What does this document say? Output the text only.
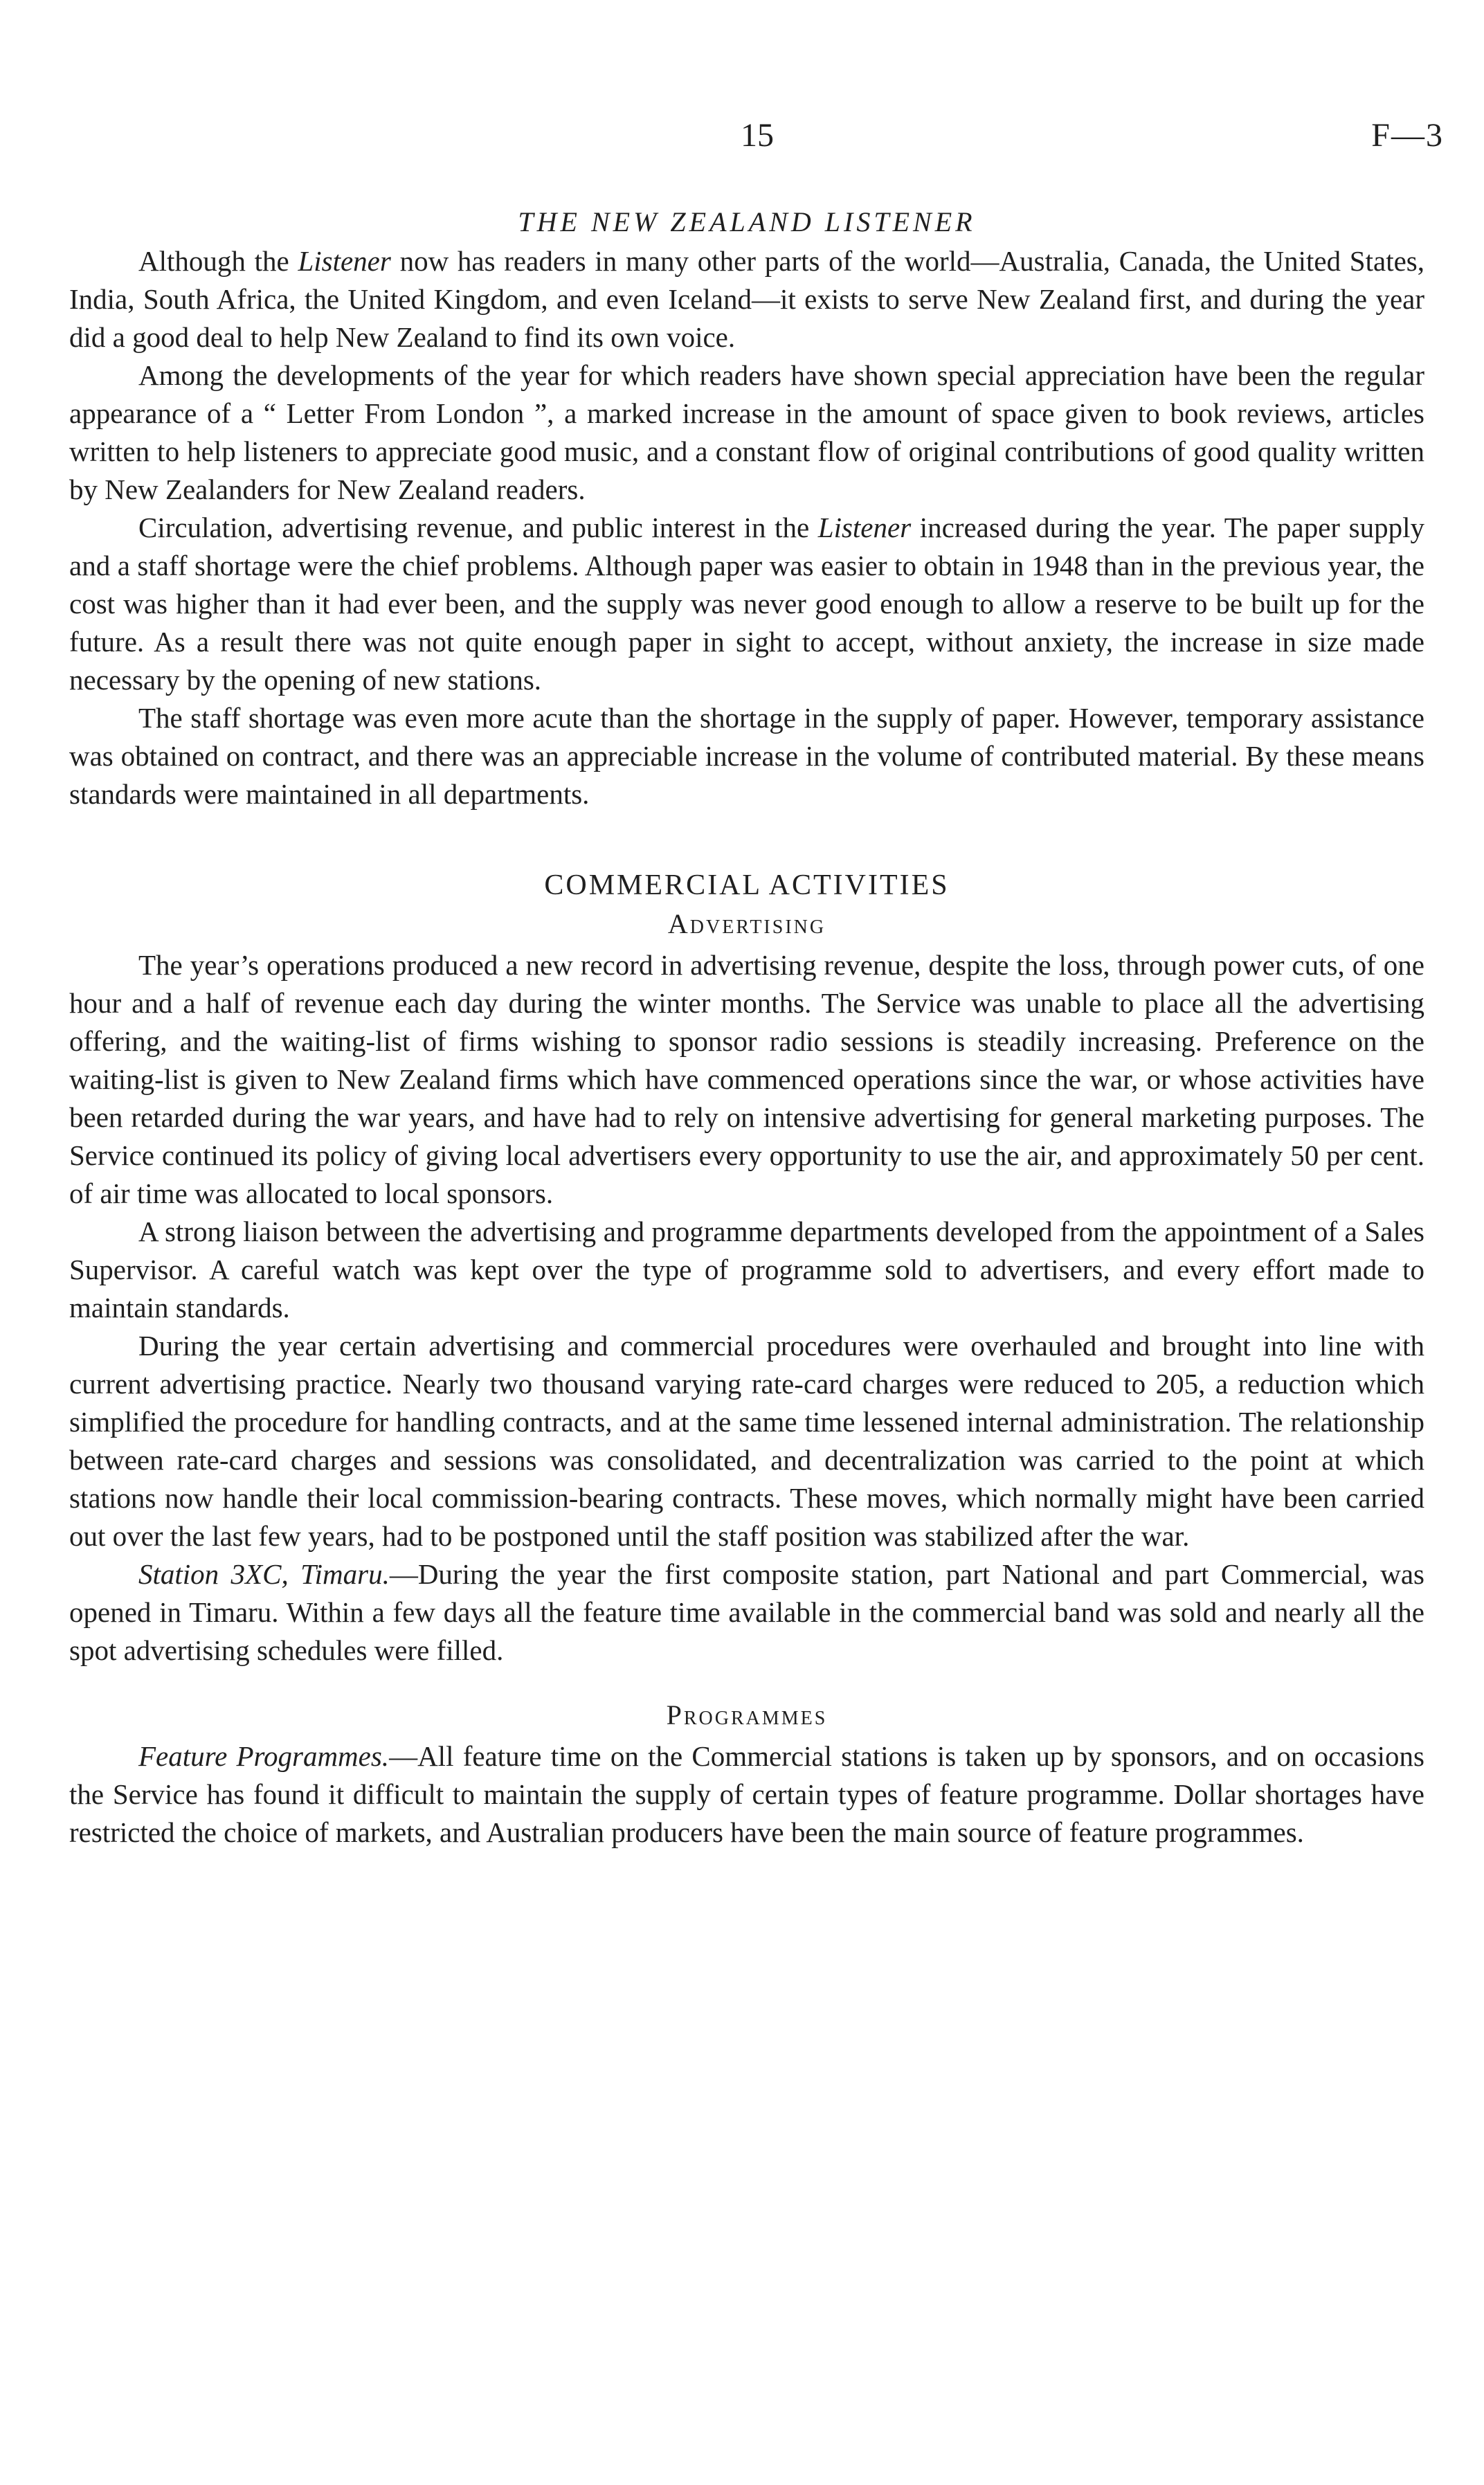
15	F—3
THE NEW ZEALAND LISTENER

Although the Listener now has readers in many other parts of the world—Australia, Canada, the United States, India, South Africa, the United Kingdom, and even Iceland—it exists to serve New Zealand first, and during the year did a good deal to help New Zealand to find its own voice.

Among the developments of the year for which readers have shown special appreciation have been the regular appearance of a “ Letter From London ”, a marked increase in the amount of space given to book reviews, articles written to help listeners to appreciate good music, and a constant flow of original contributions of good quality written by New Zealanders for New Zealand readers.

Circulation, advertising revenue, and public interest in the Listener increased during the year. The paper supply and a staff shortage were the chief problems. Although paper was easier to obtain in 1948 than in the previous year, the cost was higher than it had ever been, and the supply was never good enough to allow a reserve to be built up for the future. As a result there was not quite enough paper in sight to accept, without anxiety, the increase in size made necessary by the opening of new stations.

The staff shortage was even more acute than the shortage in the supply of paper. However, temporary assistance was obtained on contract, and there was an appreciable increase in the volume of contributed material. By these means standards were maintained in all departments.

COMMERCIAL ACTIVITIES
Advertising

The year’s operations produced a new record in advertising revenue, despite the loss, through power cuts, of one hour and a half of revenue each day during the winter months. The Service was unable to place all the advertising offering, and the waiting-list of firms wishing to sponsor radio sessions is steadily increasing. Preference on the waiting-list is given to New Zealand firms which have commenced operations since the war, or whose activities have been retarded during the war years, and have had to rely on intensive advertising for general marketing purposes. The Service continued its policy of giving local advertisers every opportunity to use the air, and approximately 50 per cent. of air time was allocated to local sponsors.

A strong liaison between the advertising and programme departments developed from the appointment of a Sales Supervisor. A careful watch was kept over the type of programme sold to advertisers, and every effort made to maintain standards.

During the year certain advertising and commercial procedures were overhauled and brought into line with current advertising practice. Nearly two thousand varying rate-card charges were reduced to 205, a reduction which simplified the procedure for handling contracts, and at the same time lessened internal administration. The relationship between rate-card charges and sessions was consolidated, and decentralization was carried to the point at which stations now handle their local commission-bearing contracts. These moves, which normally might have been carried out over the last few years, had to be postponed until the staff position was stabilized after the war.

Station 3XC, Timaru.—During the year the first composite station, part National and part Commercial, was opened in Timaru. Within a few days all the feature time available in the commercial band was sold and nearly all the spot advertising schedules were filled.

Programmes

Feature Programmes.—All feature time on the Commercial stations is taken up by sponsors, and on occasions the Service has found it difficult to maintain the supply of certain types of feature programme. Dollar shortages have restricted the choice of markets, and Australian producers have been the main source of feature programmes.
